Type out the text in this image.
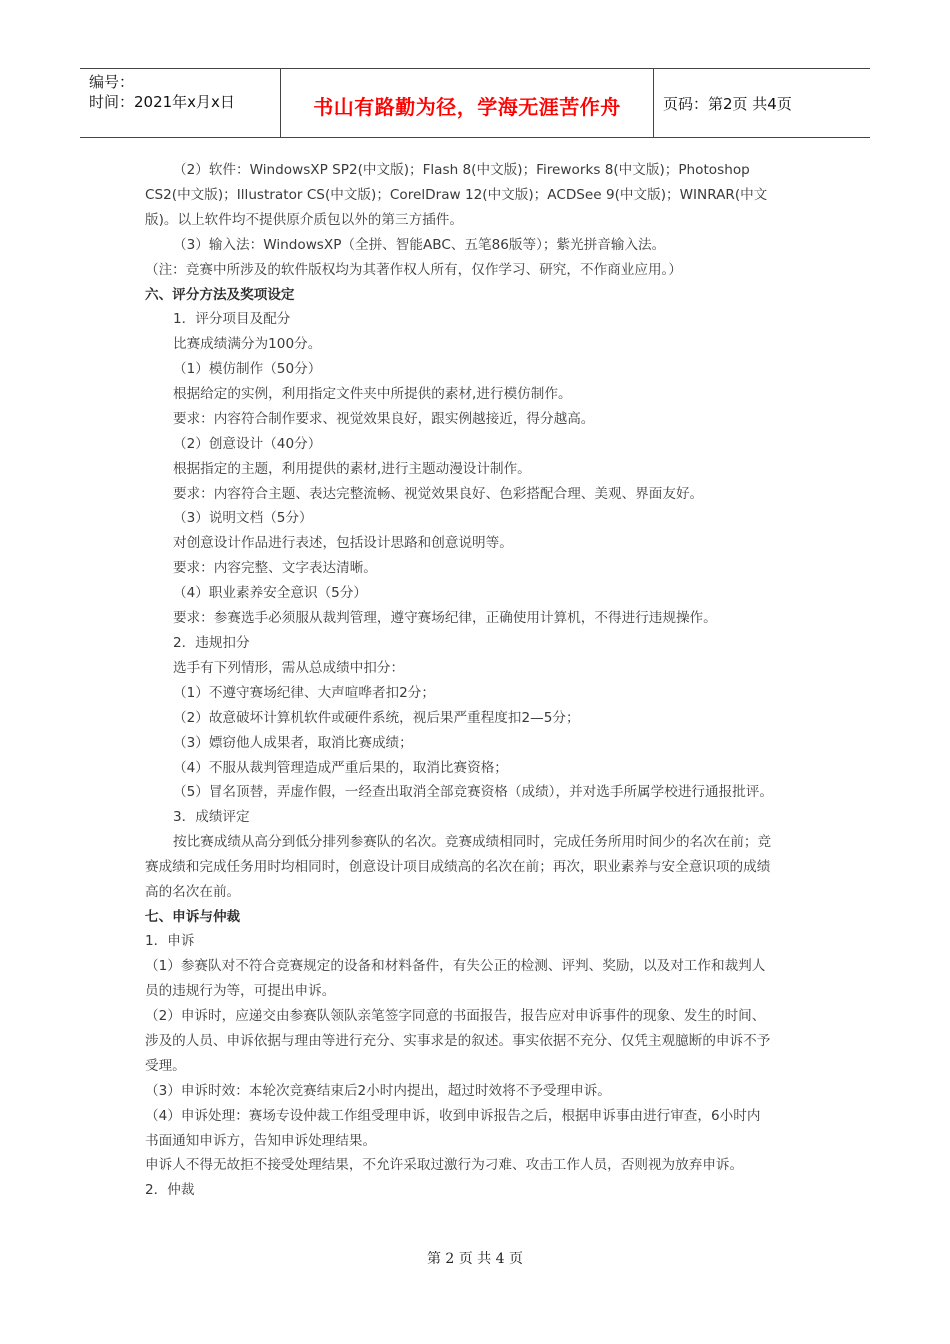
编号：
时间：2021年x月x日	书山有路勤为径，学海无涯苦作舟	页码：第2页 共4页
（2）软件：WindowsXP SP2(中文版)；Flash 8(中文版)；Fireworks 8(中文版)；Photoshop
CS2(中文版)；Illustrator CS(中文版)；CorelDraw 12(中文版)；ACDSee 9(中文版)；WINRAR(中文
版)。以上软件均不提供原介质包以外的第三方插件。
（3）输入法：WindowsXP（全拼、智能ABC、五笔86版等）；紫光拼音输入法。
（注：竞赛中所涉及的软件版权均为其著作权人所有，仅作学习、研究，不作商业应用。）
六、评分方法及奖项设定
1．评分项目及配分
比赛成绩满分为100分。
（1）模仿制作（50分）
根据给定的实例，利用指定文件夹中所提供的素材,进行模仿制作。
要求：内容符合制作要求、视觉效果良好，跟实例越接近，得分越高。
（2）创意设计（40分）
根据指定的主题，利用提供的素材,进行主题动漫设计制作。
要求：内容符合主题、表达完整流畅、视觉效果良好、色彩搭配合理、美观、界面友好。
（3）说明文档（5分）
对创意设计作品进行表述，包括设计思路和创意说明等。
要求：内容完整、文字表达清晰。
（4）职业素养安全意识（5分）
要求：参赛选手必须服从裁判管理，遵守赛场纪律，正确使用计算机，不得进行违规操作。
2．违规扣分
选手有下列情形，需从总成绩中扣分：
（1）不遵守赛场纪律、大声喧哗者扣2分；
（2）故意破坏计算机软件或硬件系统，视后果严重程度扣2—5分；
（3）嫖窃他人成果者，取消比赛成绩；
（4）不服从裁判管理造成严重后果的，取消比赛资格；
（5）冒名顶替，弄虚作假，一经查出取消全部竞赛资格（成绩），并对选手所属学校进行通报批评。
3．成绩评定
按比赛成绩从高分到低分排列参赛队的名次。竞赛成绩相同时，完成任务所用时间少的名次在前；竞
赛成绩和完成任务用时均相同时，创意设计项目成绩高的名次在前；再次，职业素养与安全意识项的成绩
高的名次在前。
七、申诉与仲裁
1．申诉
（1）参赛队对不符合竞赛规定的设备和材料备件，有失公正的检测、评判、奖励，以及对工作和裁判人
员的违规行为等，可提出申诉。
（2）申诉时，应递交由参赛队领队亲笔签字同意的书面报告，报告应对申诉事件的现象、发生的时间、
涉及的人员、申诉依据与理由等进行充分、实事求是的叙述。事实依据不充分、仅凭主观臆断的申诉不予
受理。
（3）申诉时效：本轮次竞赛结束后2小时内提出，超过时效将不予受理申诉。
（4）申诉处理：赛场专设仲裁工作组受理申诉，收到申诉报告之后，根据申诉事由进行审查，6小时内
书面通知申诉方，告知申诉处理结果。
申诉人不得无故拒不接受处理结果，不允许采取过激行为刁难、攻击工作人员，否则视为放弃申诉。
2．仲裁
第 2 页 共 4 页
